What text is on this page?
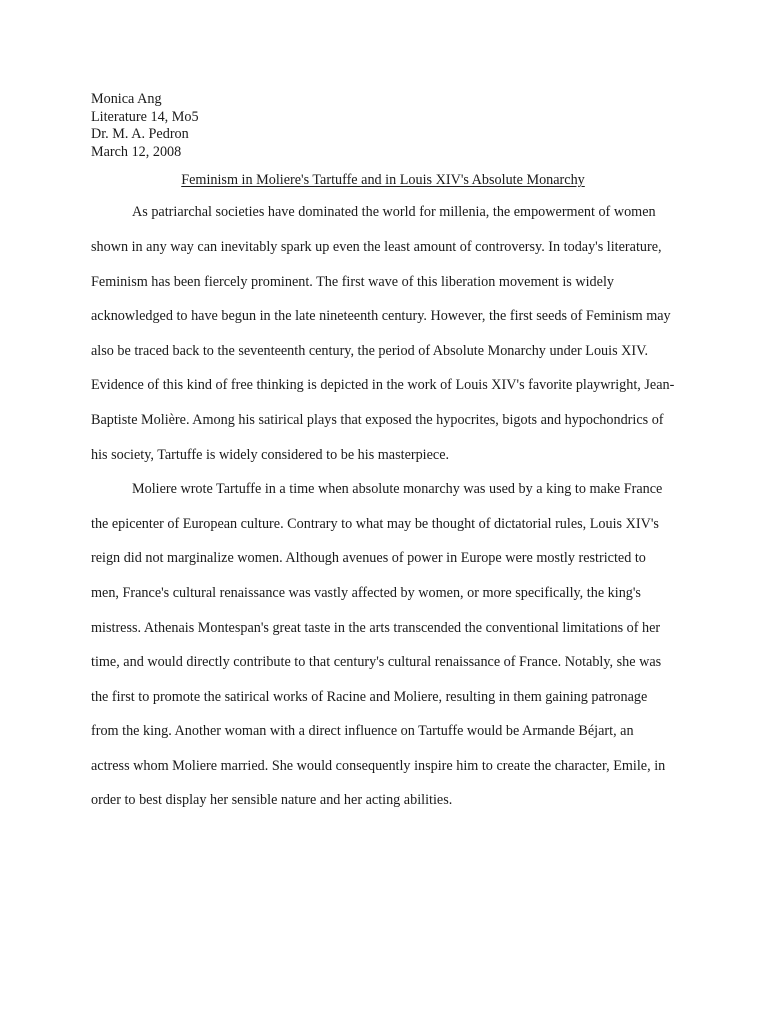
Monica Ang

Literature 14, Mo5

Dr. M. A. Pedron

March 12, 2008

Feminism in Moliere's Tartuffe and in Louis XIV's Absolute Monarchy

As patriarchal societies have dominated the world for millenia, the empowerment of women shown in any way can inevitably spark up even the least amount of controversy. In today's literature, Feminism has been fiercely prominent. The first wave of this liberation movement is widely acknowledged to have begun in the late nineteenth century. However, the first seeds of Feminism may also be traced back to the seventeenth century, the period of Absolute Monarchy under Louis XIV. Evidence of this kind of free thinking is depicted in the work of Louis XIV's favorite playwright, Jean-Baptiste Molière. Among his satirical plays that exposed the hypocrites, bigots and hypochondrics of his society, Tartuffe is widely considered to be his masterpiece.

Moliere wrote Tartuffe in a time when absolute monarchy was used by a king to make France the epicenter of European culture. Contrary to what may be thought of dictatorial rules, Louis XIV's reign did not marginalize women. Although avenues of power in Europe were mostly restricted to men, France's cultural renaissance was vastly affected by women, or more specifically, the king's mistress. Athenais Montespan's great taste in the arts transcended the conventional limitations of her time, and would directly contribute to that century's cultural renaissance of France. Notably, she was the first to promote the satirical works of Racine and Moliere, resulting in them gaining patronage from the king. Another woman with a direct influence on Tartuffe would be Armande Béjart, an actress whom Moliere married. She would consequently inspire him to create the character, Emile, in order to best display her sensible nature and her acting abilities.
